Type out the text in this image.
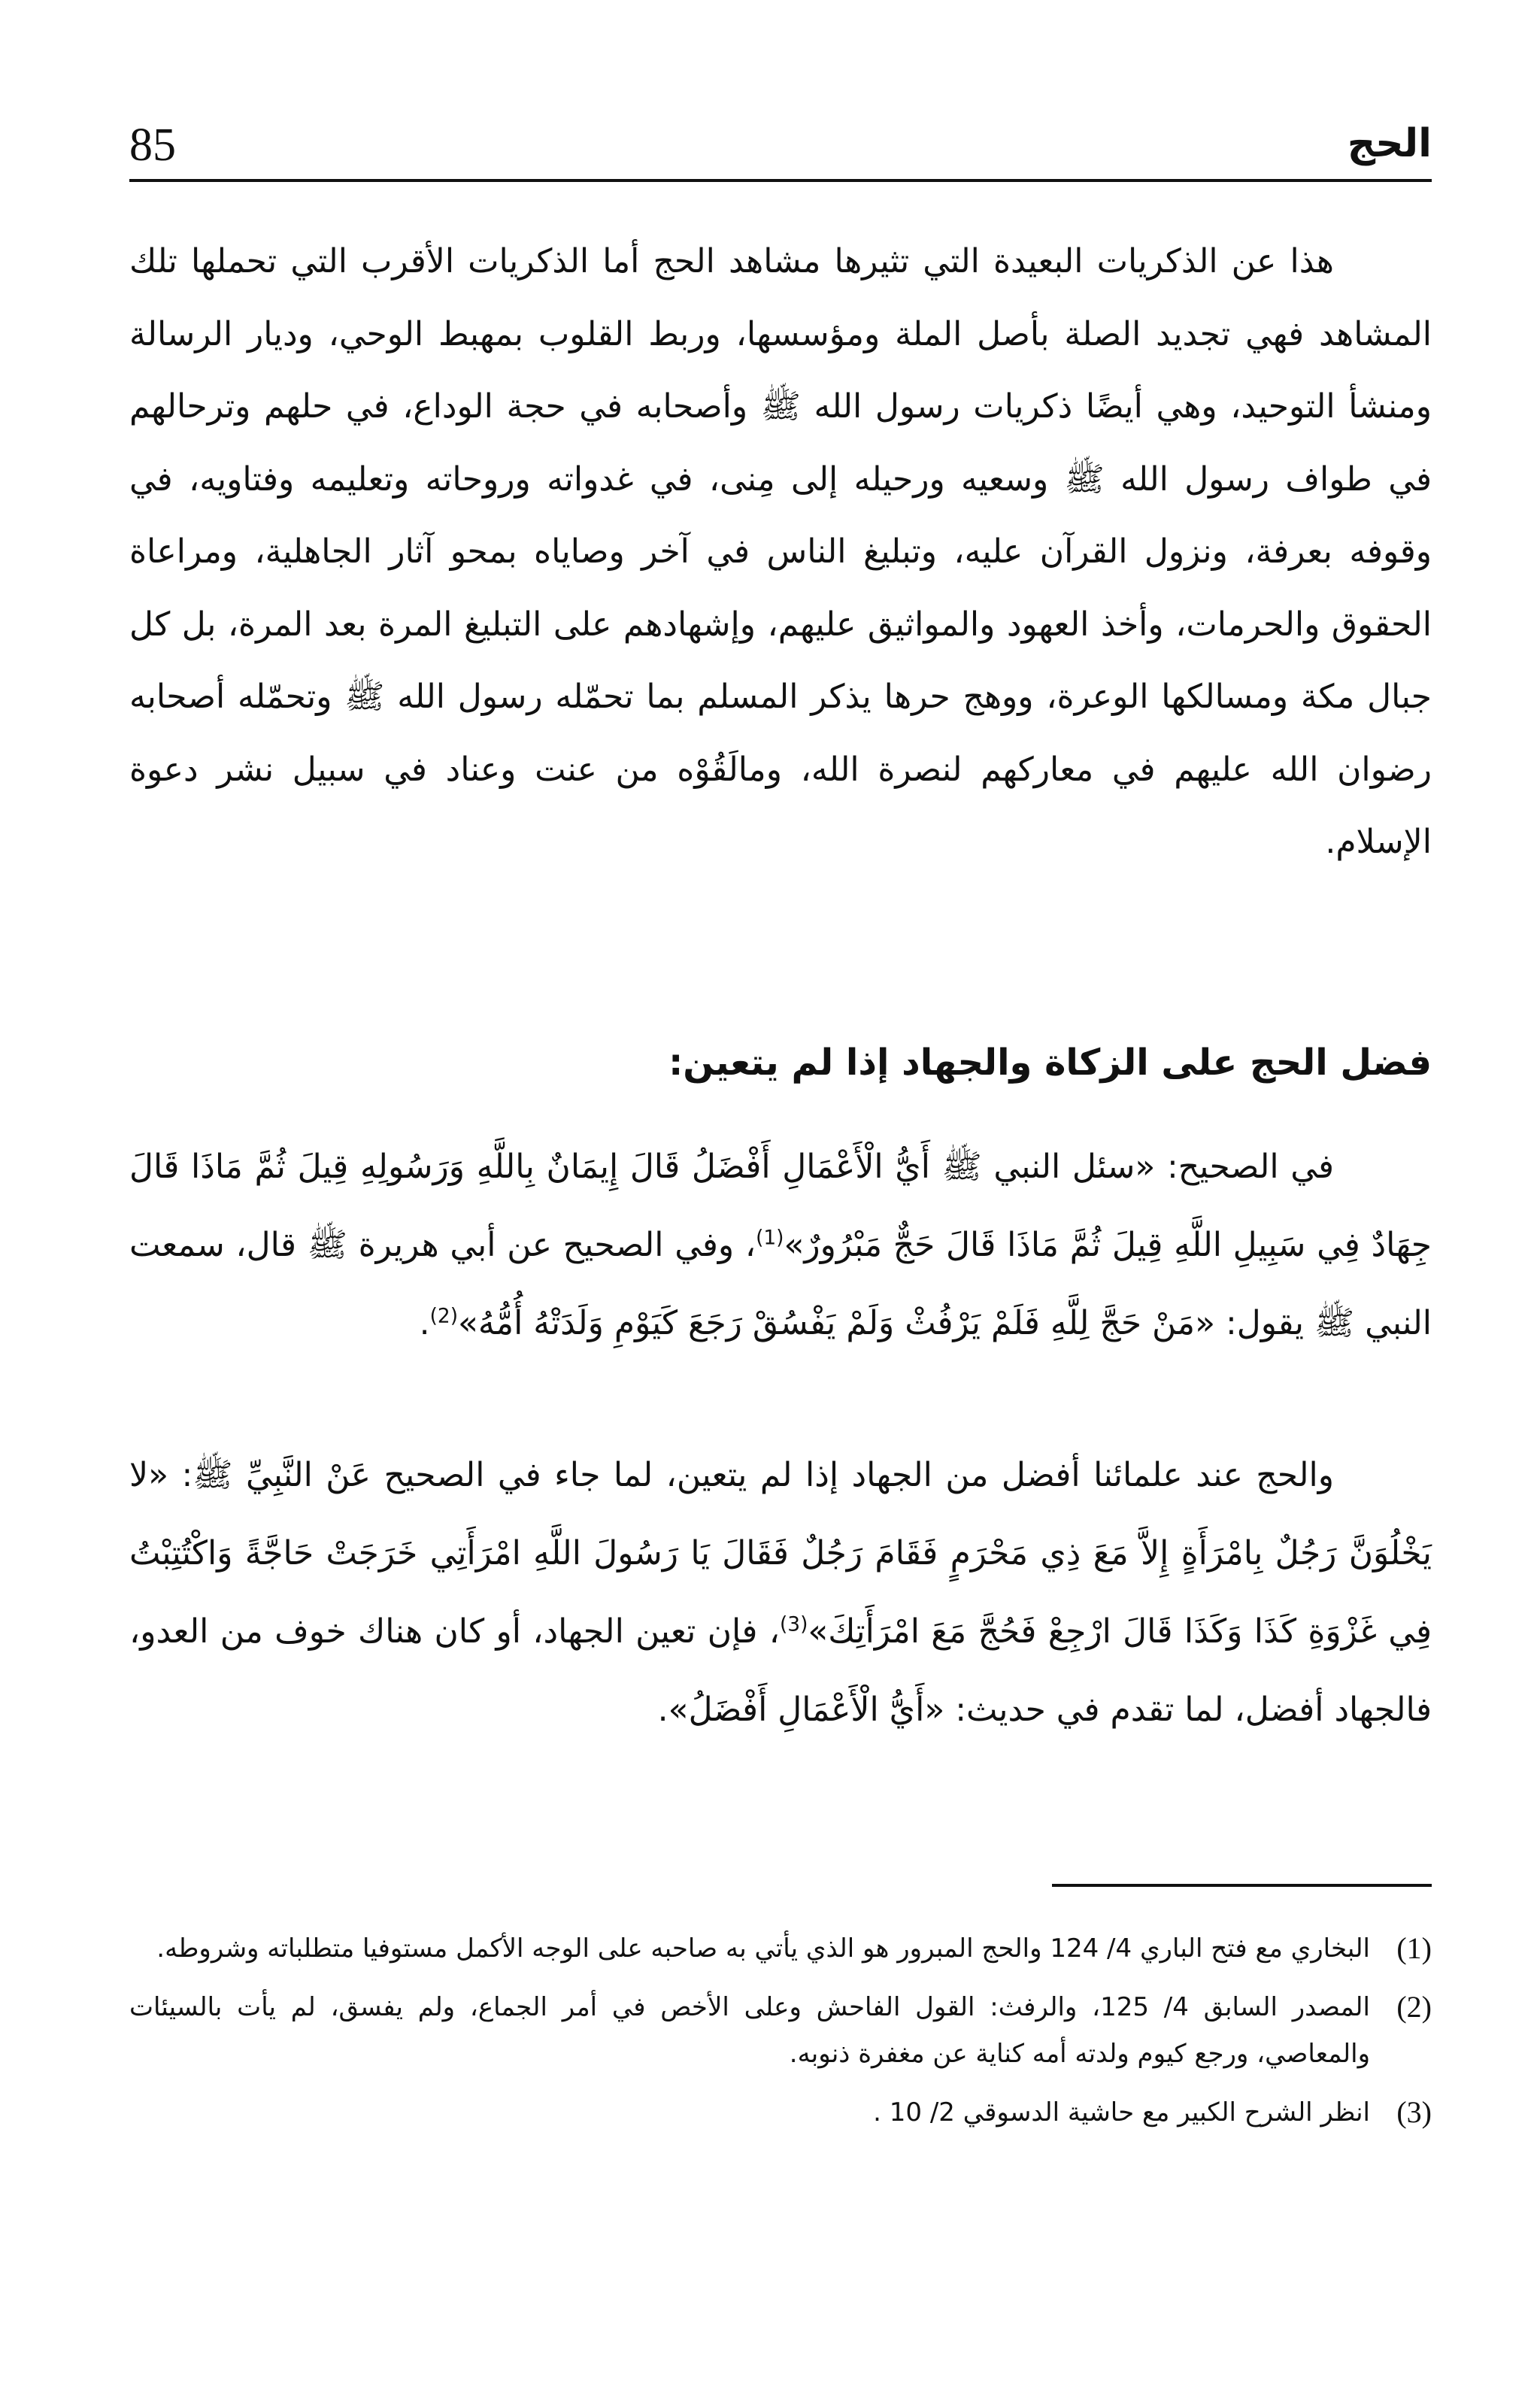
85	الحج

هذا عن الذكريات البعيدة التي تثيرها مشاهد الحج أما الذكريات الأقرب التي تحملها تلك المشاهد فهي تجديد الصلة بأصل الملة ومؤسسها، وربط القلوب بمهبط الوحي، وديار الرسالة ومنشأ التوحيد، وهي أيضًا ذكريات رسول الله ﷺ وأصحابه في حجة الوداع، في حلهم وترحالهم في طواف رسول الله ﷺ وسعيه ورحيله إلى مِنى، في غدواته وروحاته وتعليمه وفتاويه، في وقوفه بعرفة، ونزول القرآن عليه، وتبليغ الناس في آخر وصاياه بمحو آثار الجاهلية، ومراعاة الحقوق والحرمات، وأخذ العهود والمواثيق عليهم، وإشهادهم على التبليغ المرة بعد المرة، بل كل جبال مكة ومسالكها الوعرة، ووهج حرها يذكر المسلم بما تحمّله رسول الله ﷺ وتحمّله أصحابه رضوان الله عليهم في معاركهم لنصرة الله، ومالَقُوْه من عنت وعناد في سبيل نشر دعوة الإسلام.

فضل الحج على الزكاة والجهاد إذا لم يتعين:

في الصحيح: «سئل النبي ﷺ أَيُّ الْأَعْمَالِ أَفْضَلُ قَالَ إِيمَانٌ بِاللَّهِ وَرَسُولِهِ قِيلَ ثُمَّ مَاذَا قَالَ جِهَادٌ فِي سَبِيلِ اللَّهِ قِيلَ ثُمَّ مَاذَا قَالَ حَجٌّ مَبْرُورٌ»$^{(1)}$، وفي الصحيح عن أبي هريرة ﷺ قال، سمعت النبي ﷺ يقول: «مَنْ حَجَّ لِلَّهِ فَلَمْ يَرْفُثْ وَلَمْ يَفْسُقْ رَجَعَ كَيَوْمِ وَلَدَتْهُ أُمُّهُ»$^{(2)}$.

والحج عند علمائنا أفضل من الجهاد إذا لم يتعين، لما جاء في الصحيح عَنْ النَّبِيِّ ﷺ: «لا يَخْلُوَنَّ رَجُلٌ بِامْرَأَةٍ إِلاَّ مَعَ ذِي مَحْرَمٍ فَقَامَ رَجُلٌ فَقَالَ يَا رَسُولَ اللَّهِ امْرَأَتِي خَرَجَتْ حَاجَّةً وَاكْتُتِبْتُ فِي غَزْوَةِ كَذَا وَكَذَا قَالَ ارْجِعْ فَحُجَّ مَعَ امْرَأَتِكَ»$^{(3)}$، فإن تعين الجهاد، أو كان هناك خوف من العدو، فالجهاد أفضل، لما تقدم في حديث: «أَيُّ الْأَعْمَالِ أَفْضَلُ».

(1)
البخاري مع فتح الباري 4/ 124 والحج المبرور هو الذي يأتي به صاحبه على الوجه الأكمل مستوفيا متطلباته وشروطه.
(2)
المصدر السابق 4/ 125، والرفث: القول الفاحش وعلى الأخص في أمر الجماع، ولم يفسق، لم يأت بالسيئات والمعاصي، ورجع كيوم ولدته أمه كناية عن مغفرة ذنوبه.
(3)
انظر الشرح الكبير مع حاشية الدسوقي 2/ 10 .
